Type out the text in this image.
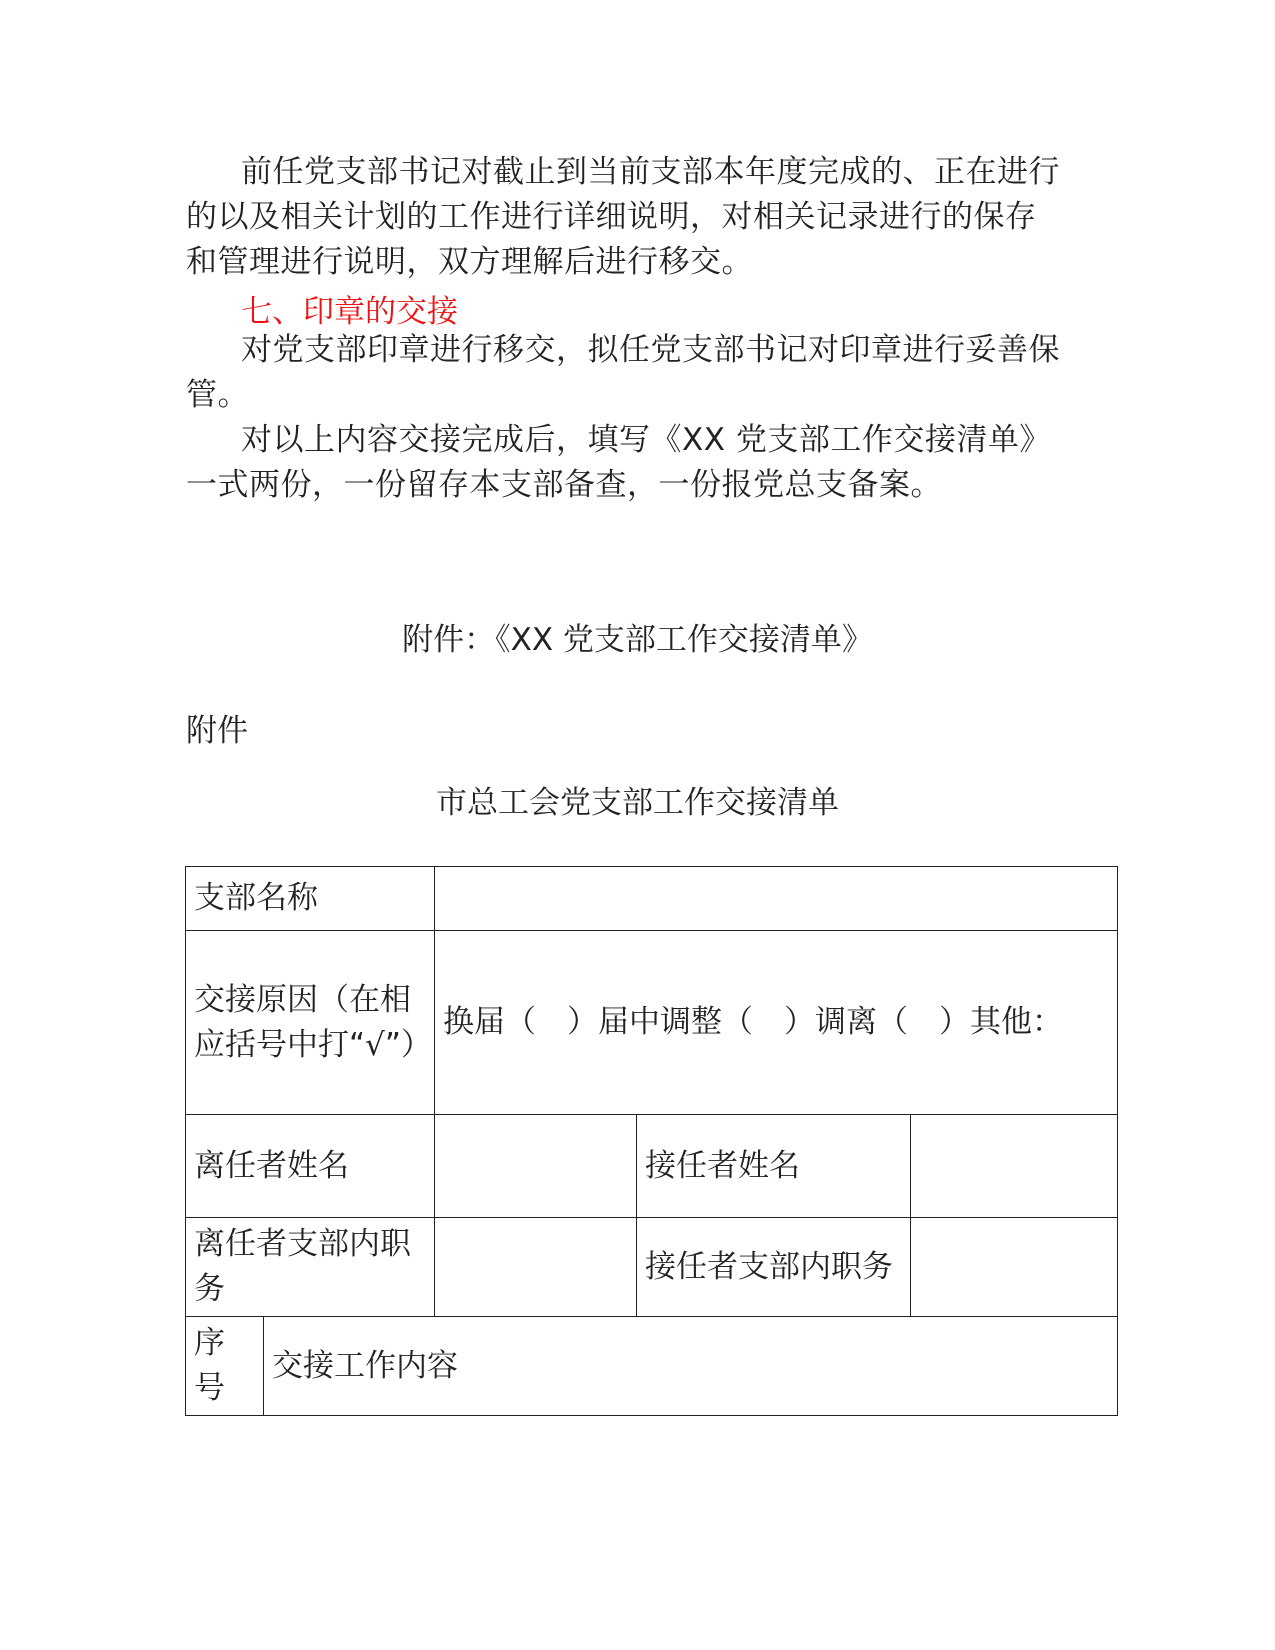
前任党支部书记对截止到当前支部本年度完成的、正在进行的以及相关计划的工作进行详细说明，对相关记录进行的保存和管理进行说明，双方理解后进行移交。

七、印章的交接

对党支部印章进行移交，拟任党支部书记对印章进行妥善保管。

对以上内容交接完成后，填写《XX 党支部工作交接清单》一式两份，一份留存本支部备查，一份报党总支备案。

附件：《XX 党支部工作交接清单》

附件

市总工会党支部工作交接清单

支部名称				
交接原因（在相应括号中打“√”）		换届（　）届中调整（　）调离（　）其他：		
离任者姓名			接任者姓名	
离任者支部内职务			接任者支部内职务	
序号	交接工作内容			
